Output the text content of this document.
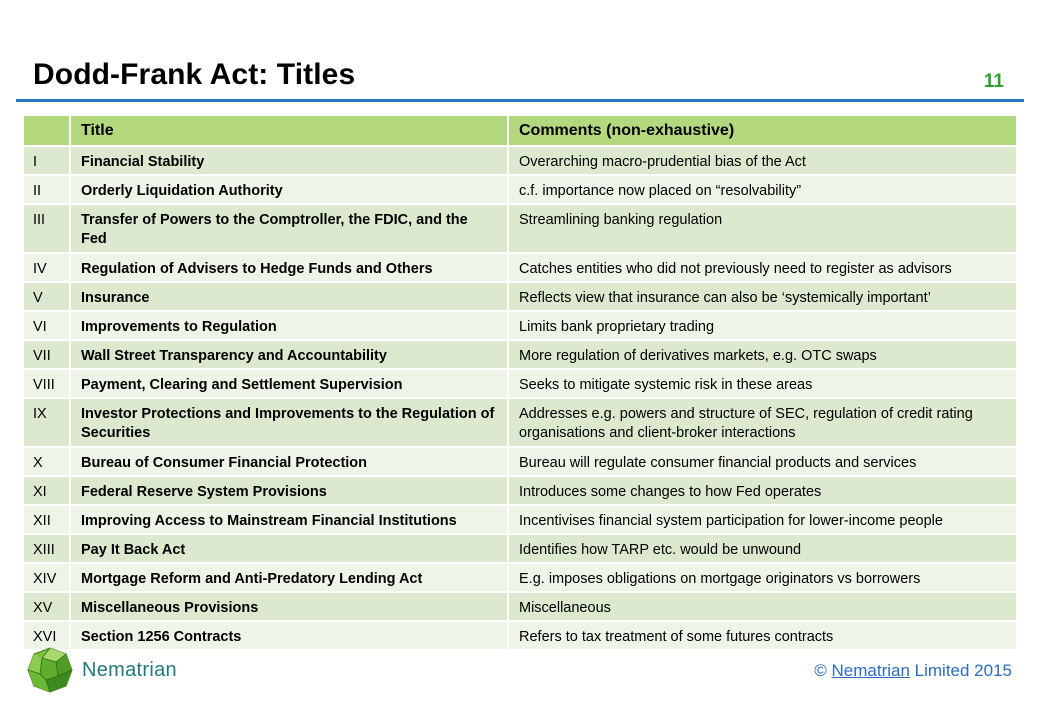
Dodd-Frank Act: Titles	11
	Title	Comments (non-exhaustive)
I	Financial Stability	Overarching macro-prudential bias of the Act
II	Orderly Liquidation Authority	c.f. importance now placed on “resolvability”
III	Transfer of Powers to the Comptroller, the FDIC, and the Fed	Streamlining banking regulation
IV	Regulation of Advisers to Hedge Funds and Others	Catches entities who did not previously need to register as advisors
V	Insurance	Reflects view that insurance can also be ‘systemically important’
VI	Improvements to Regulation	Limits bank proprietary trading
VII	Wall Street Transparency and Accountability	More regulation of derivatives markets, e.g. OTC swaps
VIII	Payment, Clearing and Settlement Supervision	Seeks to mitigate systemic risk in these areas
IX	Investor Protections and Improvements to the Regulation of Securities	Addresses e.g. powers and structure of SEC, regulation of credit rating organisations and client-broker interactions
X	Bureau of Consumer Financial Protection	Bureau will regulate consumer financial products and services
XI	Federal Reserve System Provisions	Introduces some changes to how Fed operates
XII	Improving Access to Mainstream Financial Institutions	Incentivises financial system participation for lower-income people
XIII	Pay It Back Act	Identifies how TARP etc. would be unwound
XIV	Mortgage Reform and Anti-Predatory Lending Act	E.g. imposes obligations on mortgage originators vs borrowers
XV	Miscellaneous Provisions	Miscellaneous
XVI	Section 1256 Contracts	Refers to tax treatment of some futures contracts
Nematrian	© Nematrian Limited 2015
